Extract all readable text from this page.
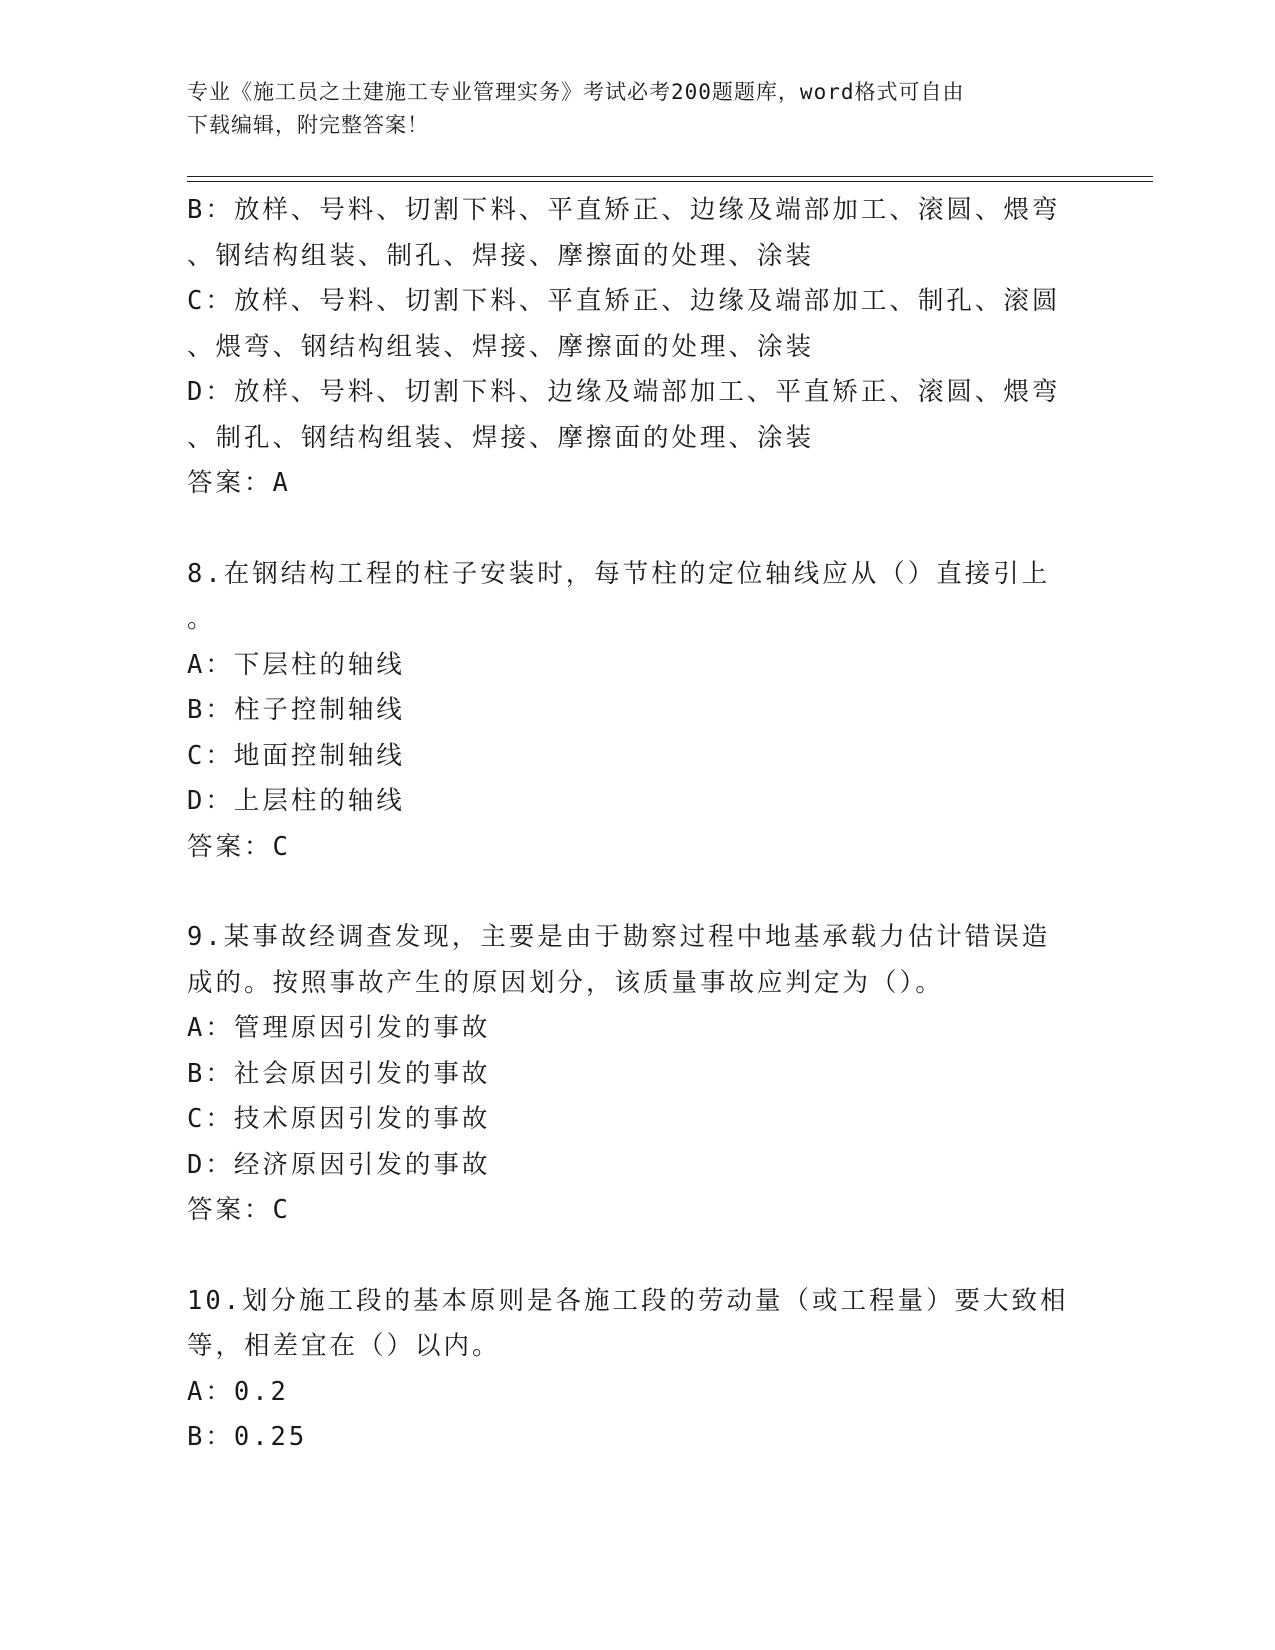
专业《施工员之土建施工专业管理实务》考试必考200题题库，word格式可自由
下载编辑，附完整答案！
B：放样、号料、切割下料、平直矫正、边缘及端部加工、滚圆、煨弯
、钢结构组装、制孔、焊接、摩擦面的处理、涂装
C：放样、号料、切割下料、平直矫正、边缘及端部加工、制孔、滚圆
、煨弯、钢结构组装、焊接、摩擦面的处理、涂装
D：放样、号料、切割下料、边缘及端部加工、平直矫正、滚圆、煨弯
、制孔、钢结构组装、焊接、摩擦面的处理、涂装
答案：A
8.在钢结构工程的柱子安装时，每节柱的定位轴线应从（）直接引上
。
A：下层柱的轴线
B：柱子控制轴线
C：地面控制轴线
D：上层柱的轴线
答案：C
9.某事故经调查发现，主要是由于勘察过程中地基承载力估计错误造
成的。按照事故产生的原因划分，该质量事故应判定为（）。
A：管理原因引发的事故
B：社会原因引发的事故
C：技术原因引发的事故
D：经济原因引发的事故
答案：C
10.划分施工段的基本原则是各施工段的劳动量（或工程量）要大致相
等，相差宜在（）以内。
A：0.2
B：0.25
